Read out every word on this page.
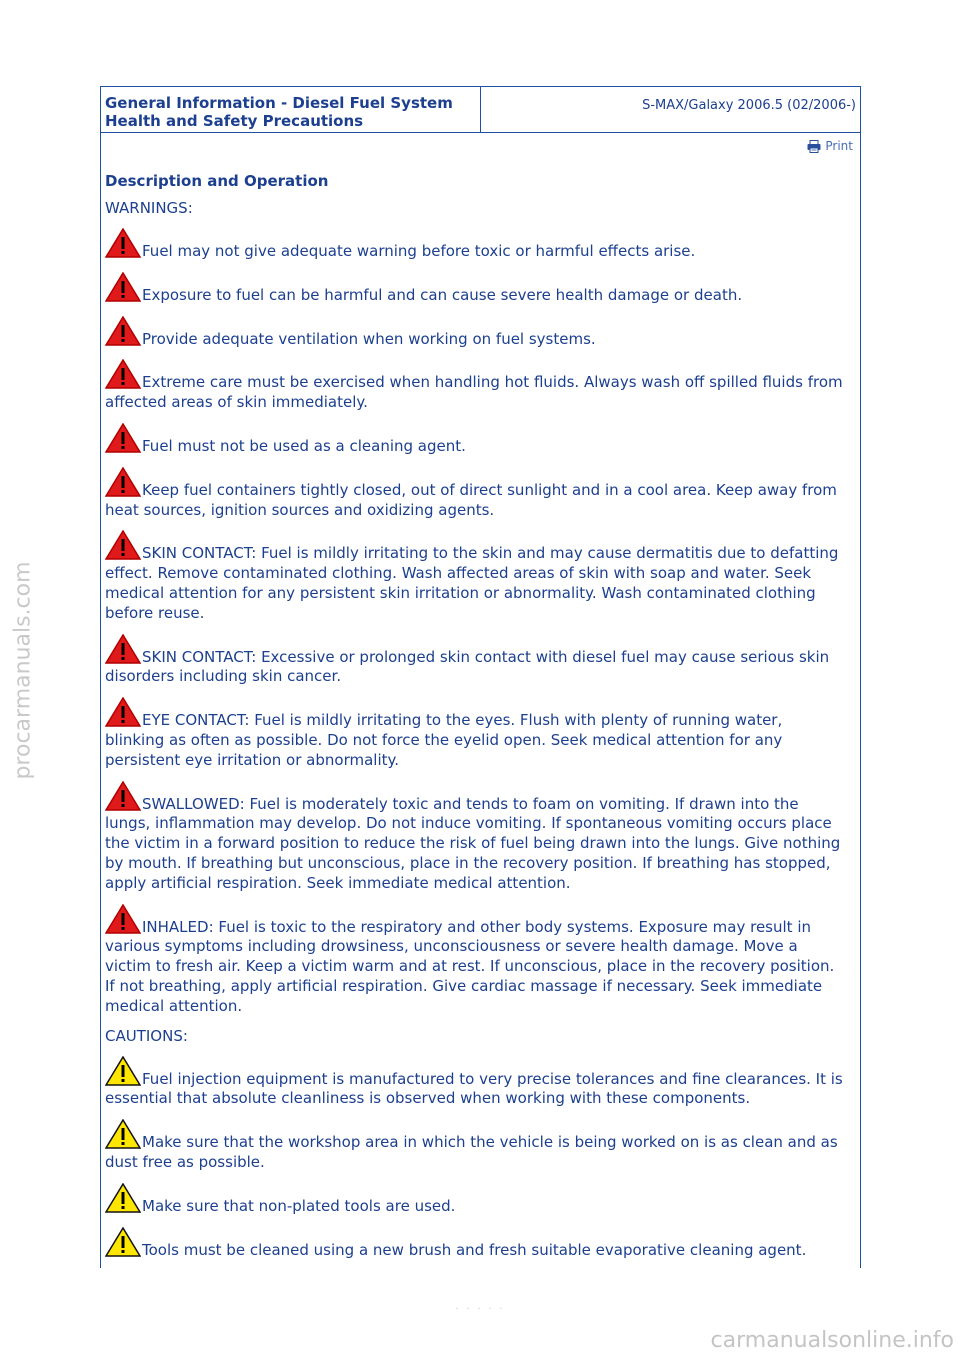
procarmanuals.com
General Information - Diesel Fuel System
Health and Safety Precautions
S-MAX/Galaxy 2006.5 (02/2006-)
Print
Description and Operation
WARNINGS:
Fuel may not give adequate warning before toxic or harmful effects arise.
Exposure to fuel can be harmful and can cause severe health damage or death.
Provide adequate ventilation when working on fuel systems.
Extreme care must be exercised when handling hot fluids. Always wash off spilled fluids from affected areas of skin immediately.
Fuel must not be used as a cleaning agent.
Keep fuel containers tightly closed, out of direct sunlight and in a cool area. Keep away from heat sources, ignition sources and oxidizing agents.
SKIN CONTACT: Fuel is mildly irritating to the skin and may cause dermatitis due to defatting effect. Remove contaminated clothing. Wash affected areas of skin with soap and water. Seek medical attention for any persistent skin irritation or abnormality. Wash contaminated clothing before reuse.
SKIN CONTACT: Excessive or prolonged skin contact with diesel fuel may cause serious skin disorders including skin cancer.
EYE CONTACT: Fuel is mildly irritating to the eyes. Flush with plenty of running water, blinking as often as possible. Do not force the eyelid open. Seek medical attention for any persistent eye irritation or abnormality.
SWALLOWED: Fuel is moderately toxic and tends to foam on vomiting. If drawn into the lungs, inflammation may develop. Do not induce vomiting. If spontaneous vomiting occurs place the victim in a forward position to reduce the risk of fuel being drawn into the lungs. Give nothing by mouth. If breathing but unconscious, place in the recovery position. If breathing has stopped, apply artificial respiration. Seek immediate medical attention.
INHALED: Fuel is toxic to the respiratory and other body systems. Exposure may result in various symptoms including drowsiness, unconsciousness or severe health damage. Move a victim to fresh air. Keep a victim warm and at rest. If unconscious, place in the recovery position. If not breathing, apply artificial respiration. Give cardiac massage if necessary. Seek immediate medical attention.
CAUTIONS:
Fuel injection equipment is manufactured to very precise tolerances and fine clearances. It is essential that absolute cleanliness is observed when working with these components.
Make sure that the workshop area in which the vehicle is being worked on is as clean and as dust free as possible.
Make sure that non-plated tools are used.
Tools must be cleaned using a new brush and fresh suitable evaporative cleaning agent.
· · · · ·
carmanualsonline.info
